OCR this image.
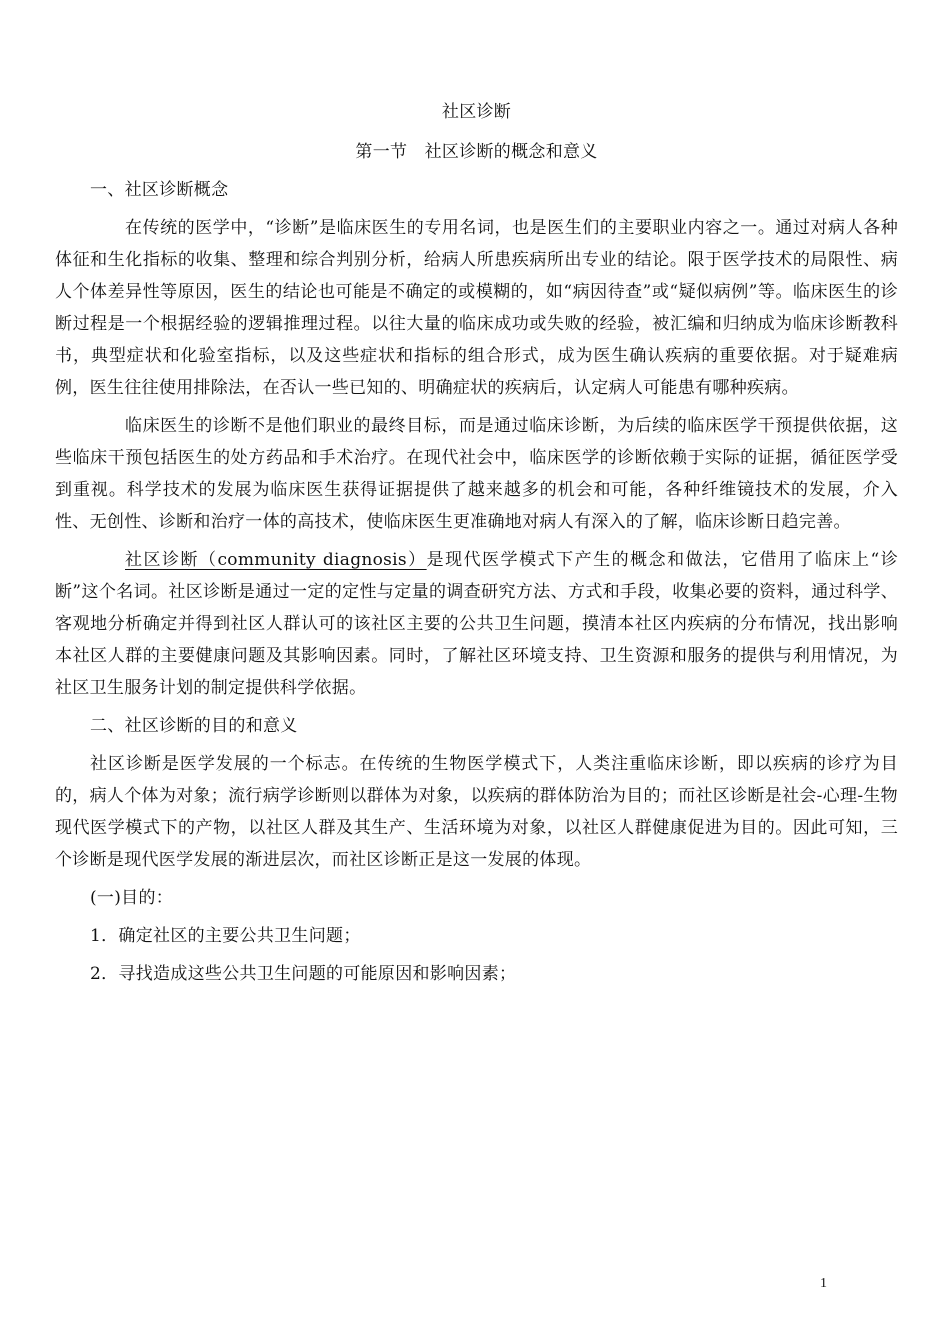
社区诊断

第一节　社区诊断的概念和意义

一、社区诊断概念

在传统的医学中，“诊断”是临床医生的专用名词，也是医生们的主要职业内容之一。通过对病人各种体征和生化指标的收集、整理和综合判别分析，给病人所患疾病所出专业的结论。限于医学技术的局限性、病人个体差异性等原因，医生的结论也可能是不确定的或模糊的，如“病因待查”或“疑似病例”等。临床医生的诊断过程是一个根据经验的逻辑推理过程。以往大量的临床成功或失败的经验，被汇编和归纳成为临床诊断教科书，典型症状和化验室指标，以及这些症状和指标的组合形式，成为医生确认疾病的重要依据。对于疑难病例，医生往往使用排除法，在否认一些已知的、明确症状的疾病后，认定病人可能患有哪种疾病。

临床医生的诊断不是他们职业的最终目标，而是通过临床诊断，为后续的临床医学干预提供依据，这些临床干预包括医生的处方药品和手术治疗。在现代社会中，临床医学的诊断依赖于实际的证据，循征医学受到重视。科学技术的发展为临床医生获得证据提供了越来越多的机会和可能，各种纤维镜技术的发展，介入性、无创性、诊断和治疗一体的高技术，使临床医生更准确地对病人有深入的了解，临床诊断日趋完善。

社区诊断（community diagnosis）是现代医学模式下产生的概念和做法，它借用了临床上“诊断”这个名词。社区诊断是通过一定的定性与定量的调查研究方法、方式和手段，收集必要的资料，通过科学、客观地分析确定并得到社区人群认可的该社区主要的公共卫生问题，摸清本社区内疾病的分布情况，找出影响本社区人群的主要健康问题及其影响因素。同时，了解社区环境支持、卫生资源和服务的提供与利用情况，为社区卫生服务计划的制定提供科学依据。

二、社区诊断的目的和意义

社区诊断是医学发展的一个标志。在传统的生物医学模式下，人类注重临床诊断，即以疾病的诊疗为目的，病人个体为对象；流行病学诊断则以群体为对象，以疾病的群体防治为目的；而社区诊断是社会-心理-生物现代医学模式下的产物，以社区人群及其生产、生活环境为对象，以社区人群健康促进为目的。因此可知，三个诊断是现代医学发展的渐进层次，而社区诊断正是这一发展的体现。

(一)目的：

1．确定社区的主要公共卫生问题；

2．寻找造成这些公共卫生问题的可能原因和影响因素；

1
